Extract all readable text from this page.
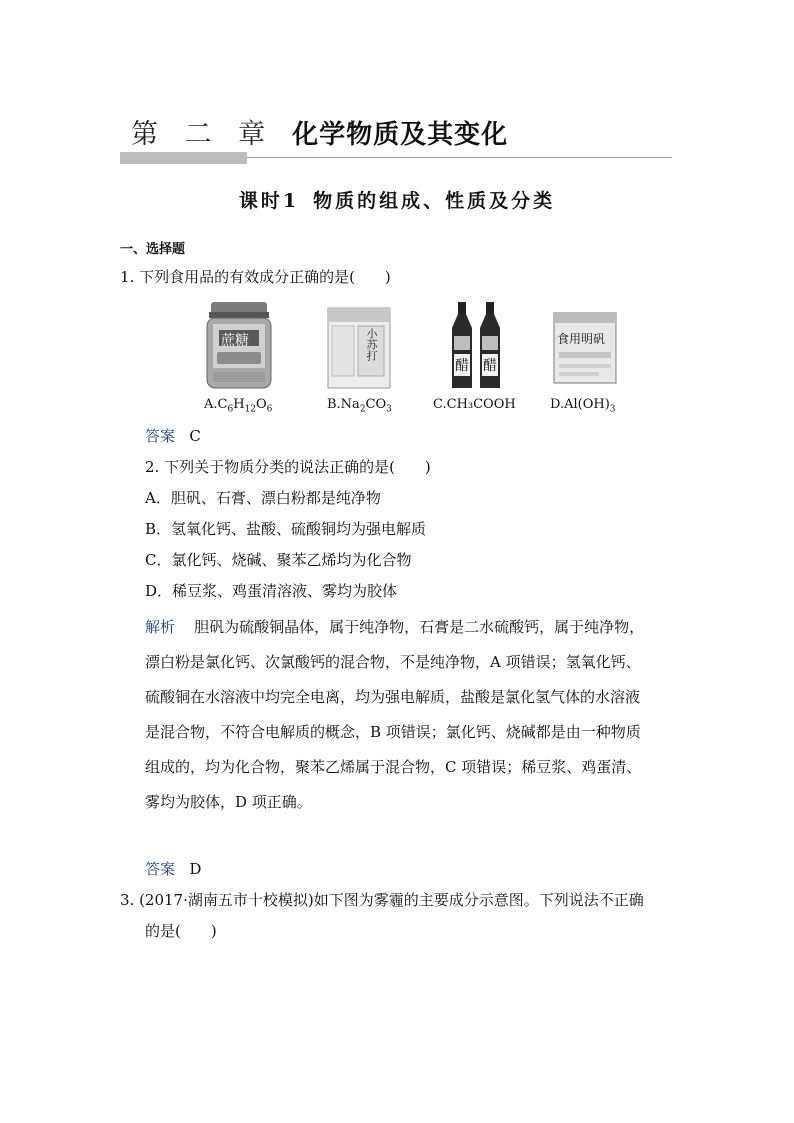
第 二 章 化学物质及其变化
课时1 物质的组成、性质及分类
一、选择题
1. 下列食用品的有效成分正确的是(　　)
蔗糖	小苏打
醋 醋
食用明矾
$A.C_6H_{12}O_6$	$B.Na_2CO_3$	C.CH₃COOH	$D.Al(OH)_3$
答案 C
2. 下列关于物质分类的说法正确的是(　　)
A．胆矾、石膏、漂白粉都是纯净物
B．氢氧化钙、盐酸、硫酸铜均为强电解质
C．氯化钙、烧碱、聚苯乙烯均为化合物
D．稀豆浆、鸡蛋清溶液、雾均为胶体
解析 胆矾为硫酸铜晶体，属于纯净物，石膏是二水硫酸钙，属于纯净物，
漂白粉是氯化钙、次氯酸钙的混合物，不是纯净物，A 项错误；氢氧化钙、
硫酸铜在水溶液中均完全电离，均为强电解质，盐酸是氯化氢气体的水溶液
是混合物，不符合电解质的概念，B 项错误；氯化钙、烧碱都是由一种物质
组成的，均为化合物，聚苯乙烯属于混合物，C 项错误；稀豆浆、鸡蛋清、
雾均为胶体，D 项正确。
答案 D
3. (2017·湖南五市十校模拟)如下图为雾霾的主要成分示意图。下列说法不正确
的是(　　)
